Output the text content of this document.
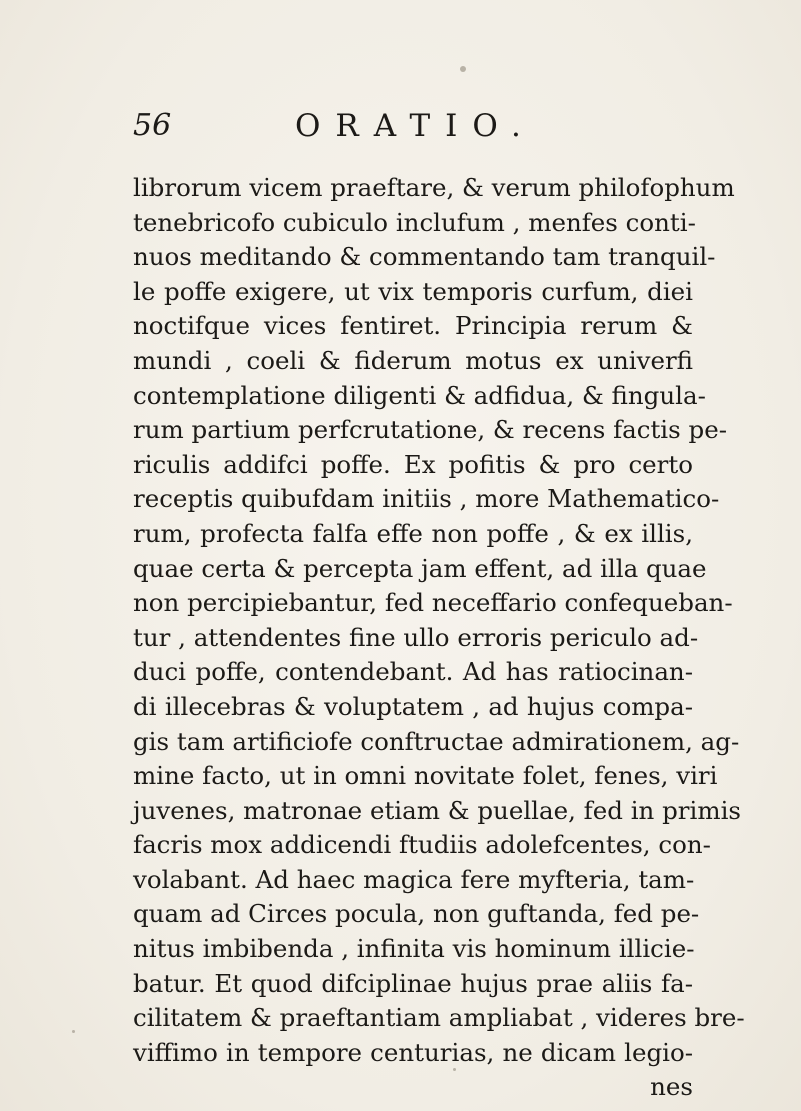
56	ORATIO.
librorum vicem praeftare, & verum philofophum
tenebricofo cubiculo inclufum , menfes conti-
nuos meditando & commentando tam tranquil-
le poffe exigere, ut vix temporis curfum, diei
noctifque vices fentiret. Principia rerum &
mundi , coeli & fiderum motus ex univerfi
contemplatione diligenti & adfidua, & fingula-
rum partium perfcrutatione, & recens factis pe-
riculis addifci poffe. Ex pofitis & pro certo
receptis quibufdam initiis , more Mathematico-
rum, profecta falfa effe non poffe , & ex illis,
quae certa & percepta jam effent, ad illa quae
non percipiebantur, fed neceffario confequeban-
tur , attendentes fine ullo erroris periculo ad-
duci poffe, contendebant. Ad has ratiocinan-
di illecebras & voluptatem , ad hujus compa-
gis tam artificiofe conftructae admirationem, ag-
mine facto, ut in omni novitate folet, fenes, viri
juvenes, matronae etiam & puellae, fed in primis
facris mox addicendi ftudiis adolefcentes, con-
volabant. Ad haec magica fere myfteria, tam-
quam ad Circes pocula, non guftanda, fed pe-
nitus imbibenda , infinita vis hominum illicie-
batur. Et quod difciplinae hujus prae aliis fa-
cilitatem & praeftantiam ampliabat , videres bre-
viffimo in tempore centurias, ne dicam legio-
nes
